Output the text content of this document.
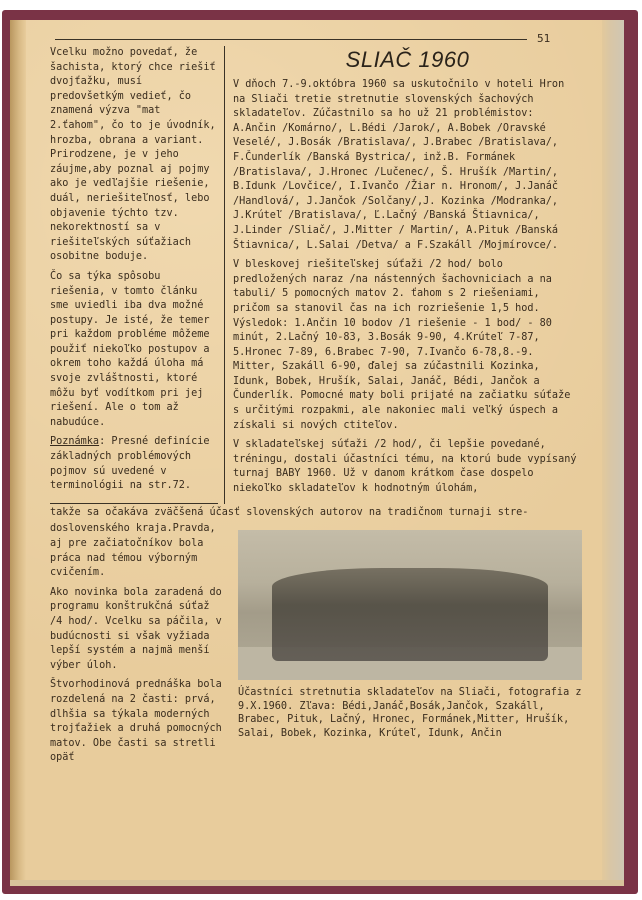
51

Vcelku možno povedať, že šachista, ktorý chce riešiť dvojťažku, musí predovšetkým vedieť, čo znamená výzva "mat 2.ťahom", čo to je úvodník, hrozba, obrana a variant. Prirodzene, je v jeho záujme,aby poznal aj pojmy ako je vedľajšie riešenie, duál, neriešiteľnosť, lebo objavenie týchto tzv. nekorektností sa v riešiteľských súťažiach osobitne boduje.

Čo sa týka spôsobu riešenia, v tomto článku sme uviedli iba dva možné postupy. Je isté, že temer pri každom probléme môžeme použiť niekoľko postupov a okrem toho každá úloha má svoje zvláštnosti, ktoré môžu byť vodítkom pri jej riešení. Ale o tom až nabudúce.

Poznámka: Presné definície základných problémových pojmov sú uvedené v terminológii na str.72.

SLIAČ 1960

V dňoch 7.-9.októbra 1960 sa uskutočnilo v hoteli Hron na Sliači tretie stretnutie slovenských šachových skladateľov. Zúčastnilo sa ho už 21 problémistov: A.Ančin /Komárno/, L.Bédi /Jarok/, A.Bobek /Oravské Veselé/, J.Bosák /Bratislava/, J.Brabec /Bratislava/, F.Čunderlík /Banská Bystrica/, inž.B. Formánek /Bratislava/, J.Hronec /Lučenec/, Š. Hrušík /Martin/, B.Idunk /Lovčice/, I.Ivančo /Žiar n. Hronom/, J.Janáč /Handlová/, J.Jančok /Solčany/,J. Kozinka /Modranka/, J.Krúteľ /Bratislava/, Ľ.Lačný /Banská Štiavnica/, J.Linder /Sliač/, J.Mitter / Martin/, A.Pituk /Banská Štiavnica/, L.Salai /Detva/ a F.Szakáll /Mojmírovce/.

V bleskovej riešiteľskej súťaži /2 hod/ bolo predložených naraz /na nástenných šachovniciach a na tabuli/ 5 pomocných matov 2. ťahom s 2 riešeniami, pričom sa stanovil čas na ich rozriešenie 1,5 hod. Výsledok: 1.Ančin 10 bodov /1 riešenie - 1 bod/ - 80 minút, 2.Lačný 10-83, 3.Bosák 9-90, 4.Krúteľ 7-87, 5.Hronec 7-89, 6.Brabec 7-90, 7.Ivančo 6-78,8.-9. Mitter, Szakáll 6-90, ďalej sa zúčastnili Kozinka, Idunk, Bobek, Hrušík, Salai, Janáč, Bédi, Jančok a Čunderlík. Pomocné maty boli prijaté na začiatku súťaže s určitými rozpakmi, ale nakoniec mali veľký úspech a získali si nových ctiteľov.

V skladateľskej súťaži /2 hod/, či lepšie povedané, tréningu, dostali účastníci tému, na ktorú bude vypísaný turnaj BABY 1960. Už v danom krátkom čase dospelo niekoľko skladateľov k hodnotným úlohám,

takže sa očakáva zväčšená účasť slovenských autorov na tradičnom turnaji stre-

doslovenského kraja.Pravda, aj pre začiatočníkov bola práca nad témou výborným cvičením.

Ako novinka bola zaradená do programu konštrukčná súťaž /4 hod/. Vcelku sa páčila, v budúcnosti si však vyžiada lepší systém a najmä menší výber úloh.

Štvorhodinová prednáška bola rozdelená na 2 časti: prvá, dlhšia sa týkala moderných trojťažiek a druhá pomocných matov. Obe časti sa stretli opäť

Účastníci stretnutia skladateľov na Sliači, fotografia z 9.X.1960. Zľava: Bédi,Janáč,Bosák,Jančok, Szakáll, Brabec, Pituk, Lačný, Hronec, Formánek,Mitter, Hrušík, Salai, Bobek, Kozinka, Krúteľ, Idunk, Ančin
